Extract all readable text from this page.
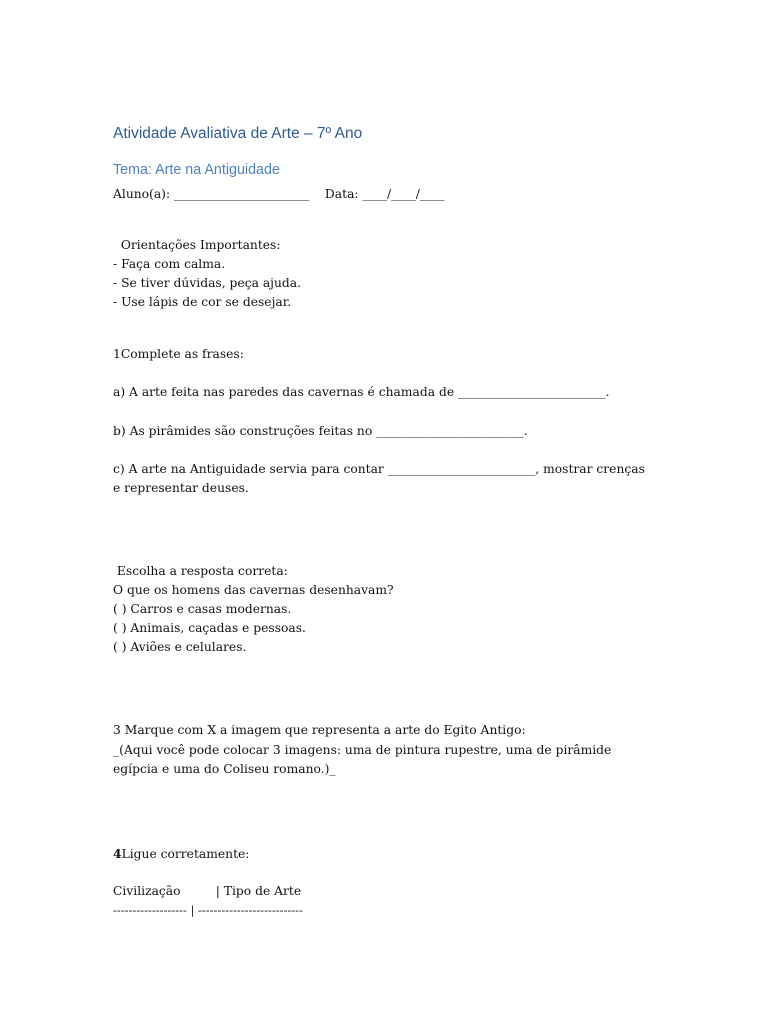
Atividade Avaliativa de Arte – 7º Ano
Tema: Arte na Antiguidade

Aluno(a): ______________________    Data: ____/____/____

Orientações Importantes:

- Faça com calma.

- Se tiver dúvidas, peça ajuda.

- Use lápis de cor se desejar.

1Complete as frases:

a) A arte feita nas paredes das cavernas é chamada de ________________________.

b) As pirâmides são construções feitas no ________________________.

c) A arte na Antiguidade servia para contar ________________________, mostrar crenças e representar deuses.

Escolha a resposta correta:

O que os homens das cavernas desenhavam?

( ) Carros e casas modernas.

( ) Animais, caçadas e pessoas.

( ) Aviões e celulares.

3 Marque com X a imagem que representa a arte do Egito Antigo:

_(Aqui você pode colocar 3 imagens: uma de pintura rupestre, uma de pirâmide egípcia e uma do Coliseu romano.)_

4Ligue corretamente:

Civilização         | Tipo de Arte

------------------- | ---------------------------
